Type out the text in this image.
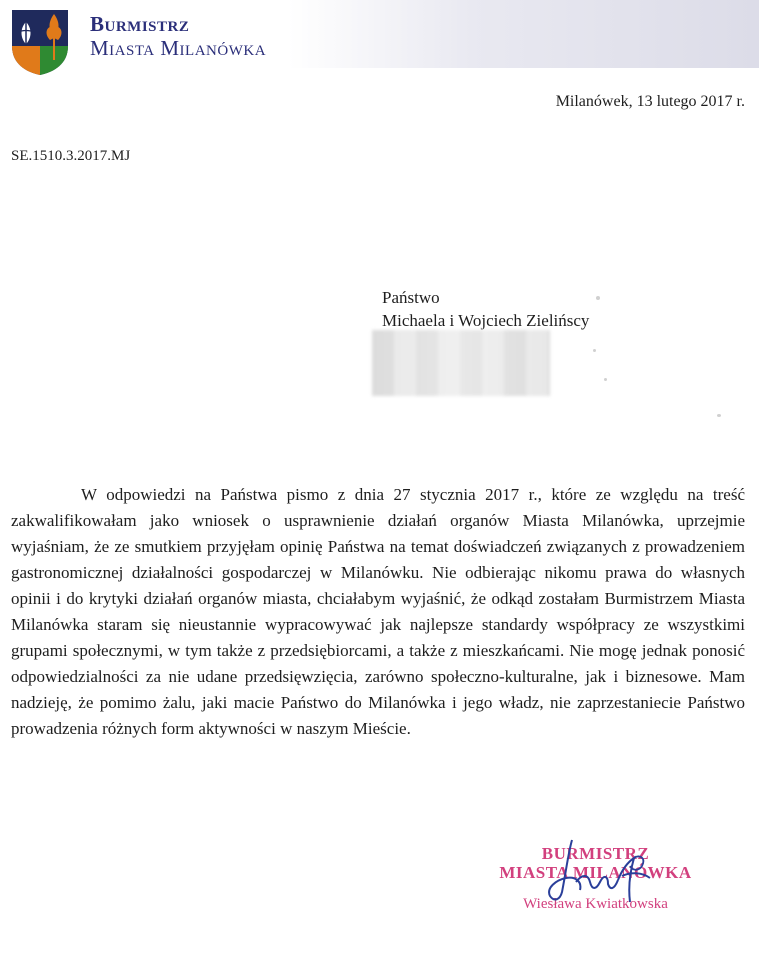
Burmistrz
Miasta Milanówka
Milanówek, 13 lutego 2017 r.
SE.1510.3.2017.MJ
Państwo
Michaela i Wojciech Zielińscy

W odpowiedzi na Państwa pismo z dnia 27 stycznia 2017 r., które ze względu na treść zakwalifikowałam jako wniosek o usprawnienie działań organów Miasta Milanówka, uprzejmie wyjaśniam, że ze smutkiem przyjęłam opinię Państwa na temat doświadczeń związanych z prowadzeniem gastronomicznej działalności gospodarczej w Milanówku. Nie odbierając nikomu prawa do własnych opinii i do krytyki działań organów miasta, chciałabym wyjaśnić, że odkąd zostałam Burmistrzem Miasta Milanówka staram się nieustannie wypracowywać jak najlepsze standardy współpracy ze wszystkimi grupami społecznymi, w tym także z przedsiębiorcami, a także z mieszkańcami. Nie mogę jednak ponosić odpowiedzialności za nie udane przedsięwzięcia, zarówno społeczno-kulturalne, jak i biznesowe. Mam nadzieję, że pomimo żalu, jaki macie Państwo do Milanówka i jego władz, nie zaprzestaniecie Państwo prowadzenia różnych form aktywności w naszym Mieście.

BURMISTRZ
MIASTA MILANÓWKA
Wiesława Kwiatkowska
